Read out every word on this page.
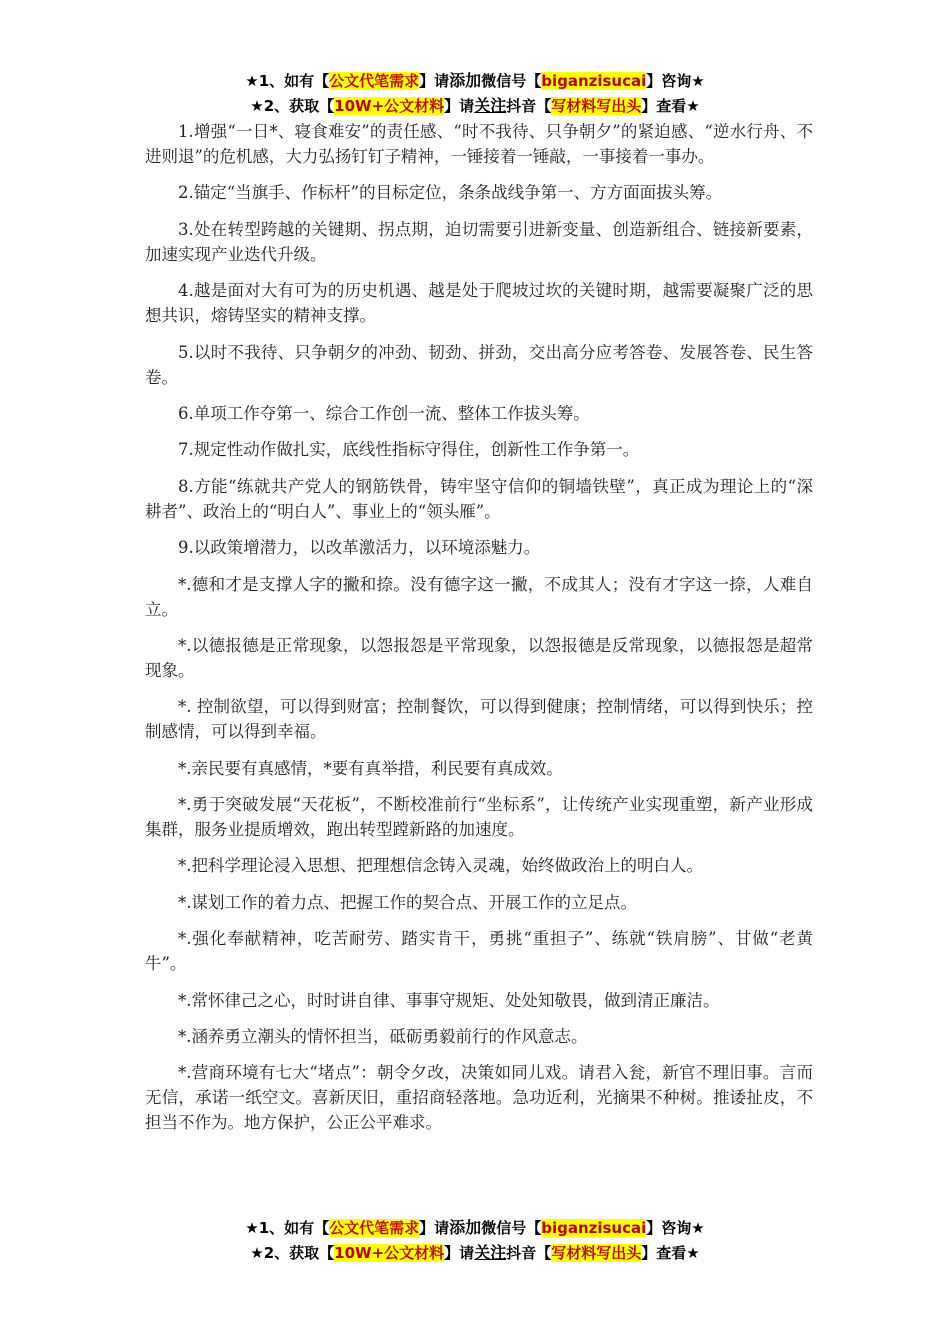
★1、如有【公文代笔需求】请添加微信号【biganzisucai】咨询★
★2、获取【10W+公文材料】请关注抖音【写材料写出头】查看★

1.增强“一日*、寝食难安”的责任感、“时不我待、只争朝夕”的紧迫感、“逆水行舟、不进则退”的危机感，大力弘扬钉钉子精神，一锤接着一锤敲，一事接着一事办。

2.锚定“当旗手、作标杆”的目标定位，条条战线争第一、方方面面拔头筹。

3.处在转型跨越的关键期、拐点期，迫切需要引进新变量、创造新组合、链接新要素，加速实现产业迭代升级。

4.越是面对大有可为的历史机遇、越是处于爬坡过坎的关键时期，越需要凝聚广泛的思想共识，熔铸坚实的精神支撑。

5.以时不我待、只争朝夕的冲劲、韧劲、拼劲，交出高分应考答卷、发展答卷、民生答卷。

6.单项工作夺第一、综合工作创一流、整体工作拔头筹。

7.规定性动作做扎实，底线性指标守得住，创新性工作争第一。

8.方能“练就共产党人的钢筋铁骨，铸牢坚守信仰的铜墙铁壁”，真正成为理论上的“深耕者”、政治上的“明白人”、事业上的“领头雁”。

9.以政策增潜力，以改革激活力，以环境添魅力。

*.德和才是支撑人字的撇和捺。没有德字这一撇，不成其人；没有才字这一捺，人难自立。

*.以德报德是正常现象，以怨报怨是平常现象，以怨报德是反常现象，以德报怨是超常现象。

*. 控制欲望，可以得到财富；控制餐饮，可以得到健康；控制情绪，可以得到快乐；控制感情，可以得到幸福。

*.亲民要有真感情，*要有真举措，利民要有真成效。

*.勇于突破发展“天花板”，不断校准前行“坐标系”，让传统产业实现重塑，新产业形成集群，服务业提质增效，跑出转型蹚新路的加速度。

*.把科学理论浸入思想、把理想信念铸入灵魂，始终做政治上的明白人。

*.谋划工作的着力点、把握工作的契合点、开展工作的立足点。

*.强化奉献精神，吃苦耐劳、踏实肯干，勇挑“重担子”、练就“铁肩膀”、甘做“老黄牛”。

*.常怀律己之心，时时讲自律、事事守规矩、处处知敬畏，做到清正廉洁。

*.涵养勇立潮头的情怀担当，砥砺勇毅前行的作风意志。

*.营商环境有七大“堵点”：朝令夕改，决策如同儿戏。请君入瓮，新官不理旧事。言而无信，承诺一纸空文。喜新厌旧，重招商轻落地。急功近利，光摘果不种树。推诿扯皮，不担当不作为。地方保护，公正公平难求。

★1、如有【公文代笔需求】请添加微信号【biganzisucai】咨询★
★2、获取【10W+公文材料】请关注抖音【写材料写出头】查看★
